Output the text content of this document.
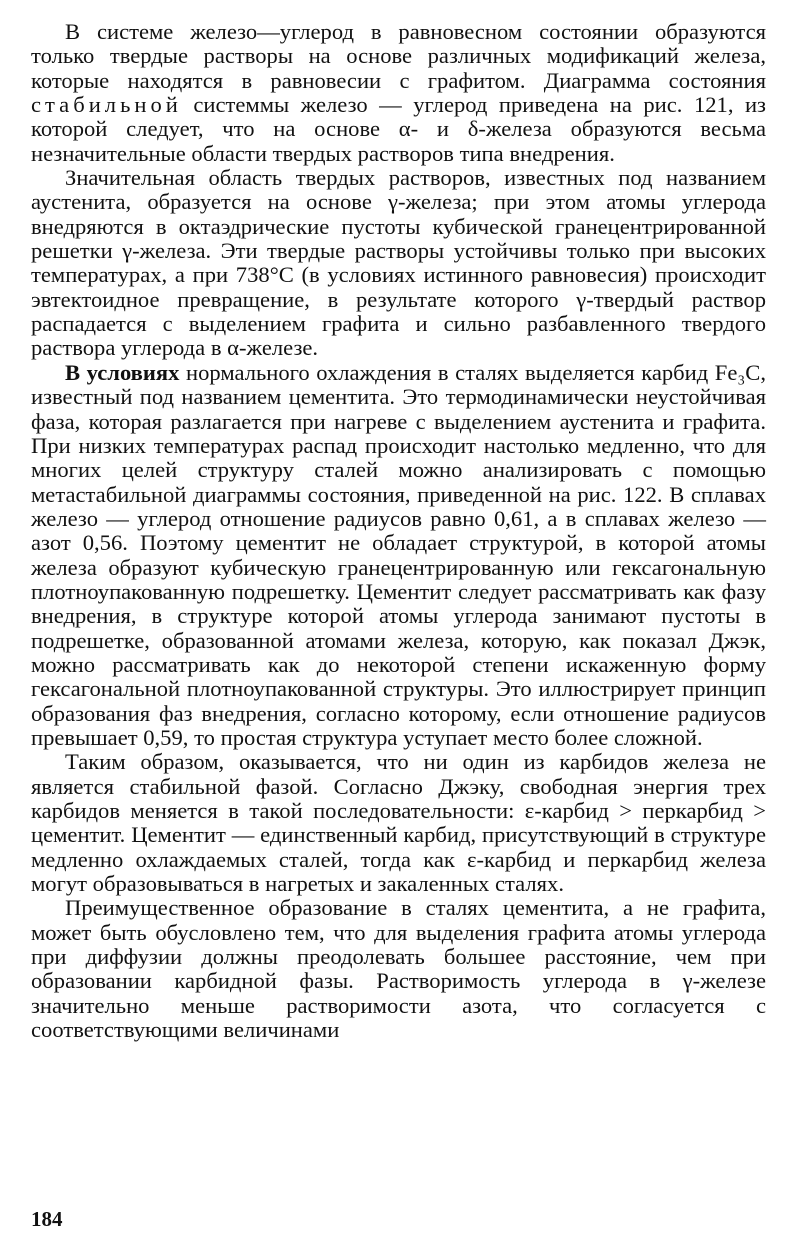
В системе железо—углерод в равновесном состоянии образуются только твердые растворы на основе различных модификаций железа, которые находятся в равновесии с графитом. Диаграмма состояния стабильной системмы железо — углерод приведена на рис. 121, из которой следует, что на основе α- и δ-железа образуются весьма незначительные области твердых растворов типа внедрения.

Значительная область твердых растворов, известных под названием аустенита, образуется на основе γ-железа; при этом атомы углерода внедряются в октаэдрические пустоты кубической гранецентрированной решетки γ-железа. Эти твердые растворы устойчивы только при высоких температурах, а при 738°С (в условиях истинного равновесия) происходит эвтектоидное превращение, в результате которого γ-твердый раствор распадается с выделением графита и сильно разбавленного твердого раствора углерода в α-железе.

В условиях нормального охлаждения в сталях выделяется карбид Fe₃C, известный под названием цементита. Это термодинамически неустойчивая фаза, которая разлагается при нагреве с выделением аустенита и графита. При низких температурах распад происходит настолько медленно, что для многих целей структуру сталей можно анализировать с помощью метастабильной диаграммы состояния, приведенной на рис. 122. В сплавах железо — углерод отношение радиусов равно 0,61, а в сплавах железо — азот 0,56. Поэтому цементит не обладает структурой, в которой атомы железа образуют кубическую гранецентрированную или гексагональную плотноупакованную подрешетку. Цементит следует рассматривать как фазу внедрения, в структуре которой атомы углерода занимают пустоты в подрешетке, образованной атомами железа, которую, как показал Джэк, можно рассматривать как до некоторой степени искаженную форму гексагональной плотноупакованной структуры. Это иллюстрирует принцип образования фаз внедрения, согласно которому, если отношение радиусов превышает 0,59, то простая структура уступает место более сложной.

Таким образом, оказывается, что ни один из карбидов железа не является стабильной фазой. Согласно Джэку, свободная энергия трех карбидов меняется в такой последовательности: ε-карбид > перкарбид > цементит. Цементит — единственный карбид, присутствующий в структуре медленно охлаждаемых сталей, тогда как ε-карбид и перкарбид железа могут образовываться в нагретых и закаленных сталях.

Преимущественное образование в сталях цементита, а не графита, может быть обусловлено тем, что для выделения графита атомы углерода при диффузии должны преодолевать большее расстояние, чем при образовании карбидной фазы. Растворимость углерода в γ-железе значительно меньше растворимости азота, что согласуется с соответствующими величинами

184
